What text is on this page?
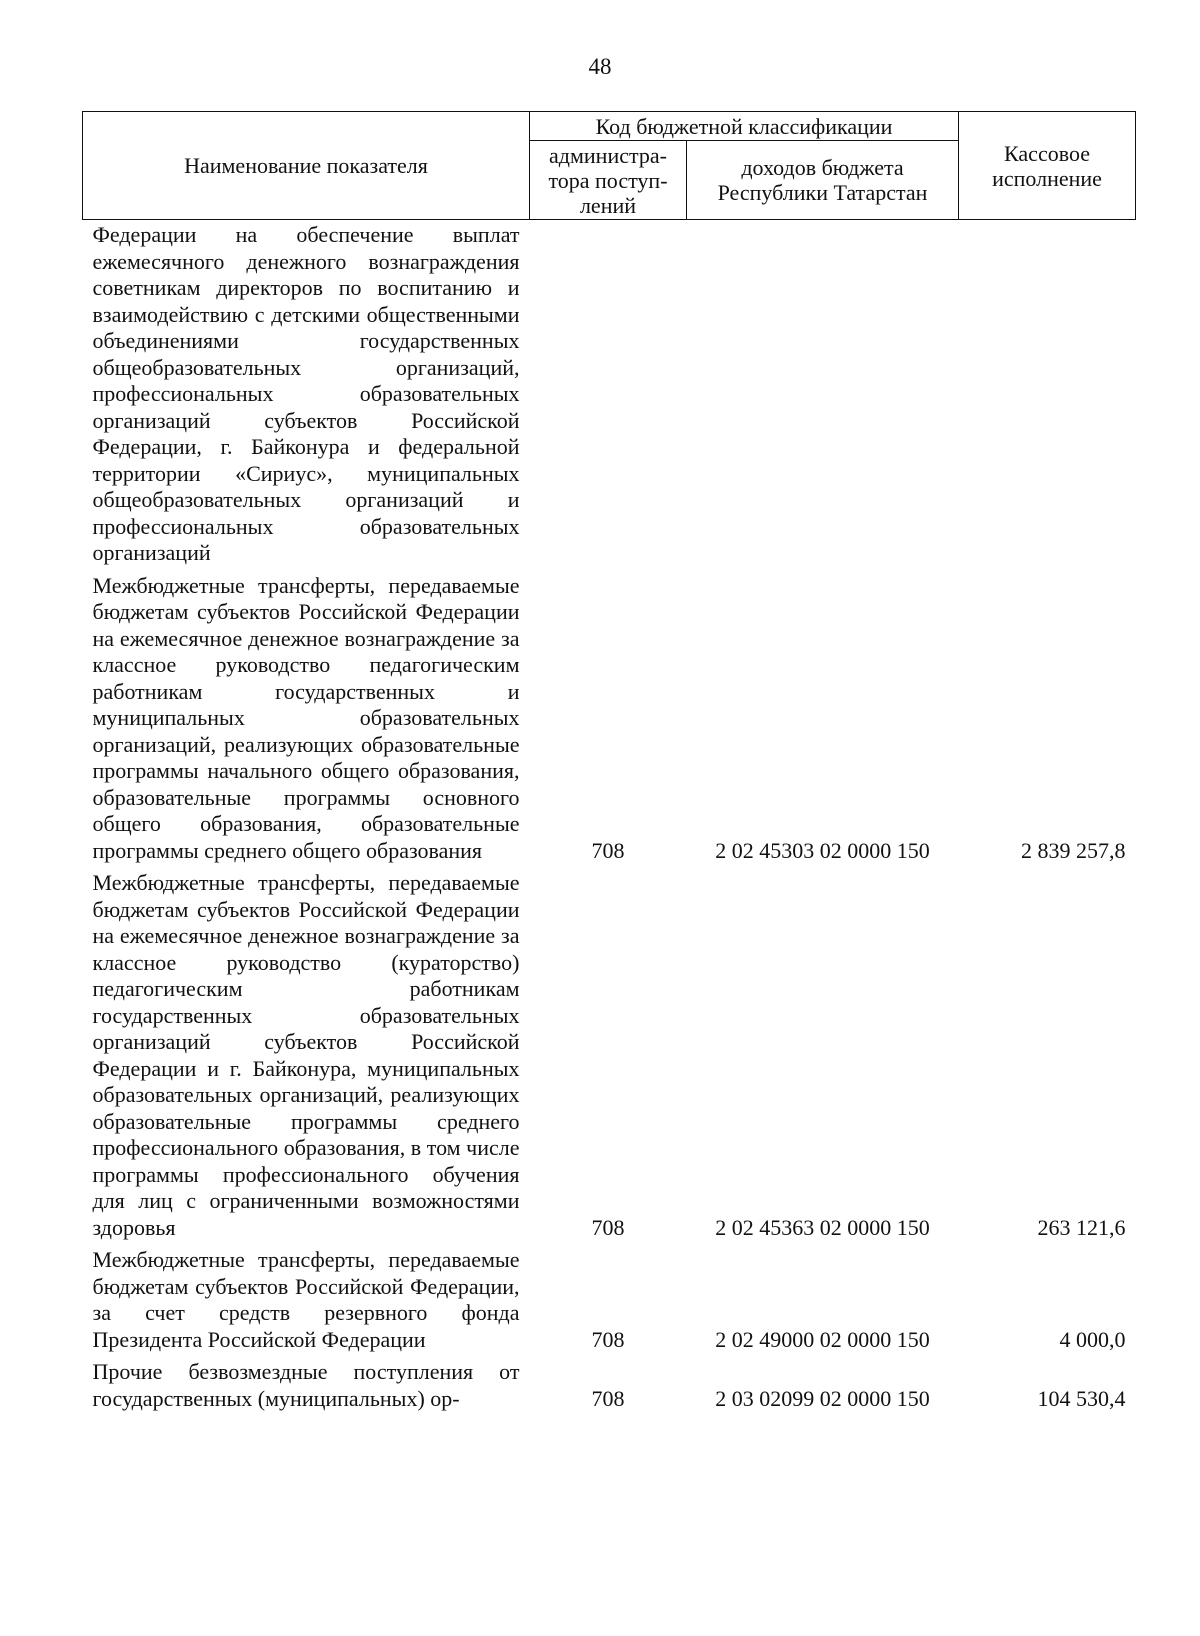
48
Наименование показателя	Код бюджетной классификации		Кассовое исполнение
	администра-тора поступ-лений	доходов бюджета Республики Татарстан	
Федерации на обеспечение выплат ежемесячного денежного вознаграждения советникам директоров по воспитанию и взаимодействию с детскими общественными объединениями государственных общеобразовательных организаций, профессиональных образовательных организаций субъектов Российской Федерации, г. Байконура и федеральной территории «Сириус», муниципальных общеобразовательных организаций и профессиональных образовательных организаций			
Межбюджетные трансферты, передаваемые бюджетам субъектов Российской Федерации на ежемесячное денежное вознаграждение за классное руководство педагогическим работникам государственных и муниципальных образовательных организаций, реализующих образовательные программы начального общего образования, образовательные программы основного общего образования, образовательные программы среднего общего образования	708	2 02 45303 02 0000 150	2 839 257,8
Межбюджетные трансферты, передаваемые бюджетам субъектов Российской Федерации на ежемесячное денежное вознаграждение за классное руководство (кураторство) педагогическим работникам государственных образовательных организаций субъектов Российской Федерации и г. Байконура, муниципальных образовательных организаций, реализующих образовательные программы среднего профессионального образования, в том числе программы профессионального обучения для лиц с ограниченными возможностями здоровья	708	2 02 45363 02 0000 150	263 121,6
Межбюджетные трансферты, передаваемые бюджетам субъектов Российской Федерации, за счет средств резервного фонда Президента Российской Федерации	708	2 02 49000 02 0000 150	4 000,0
Прочие безвозмездные поступления от государственных (муниципальных) ор-	708	2 03 02099 02 0000 150	104 530,4
